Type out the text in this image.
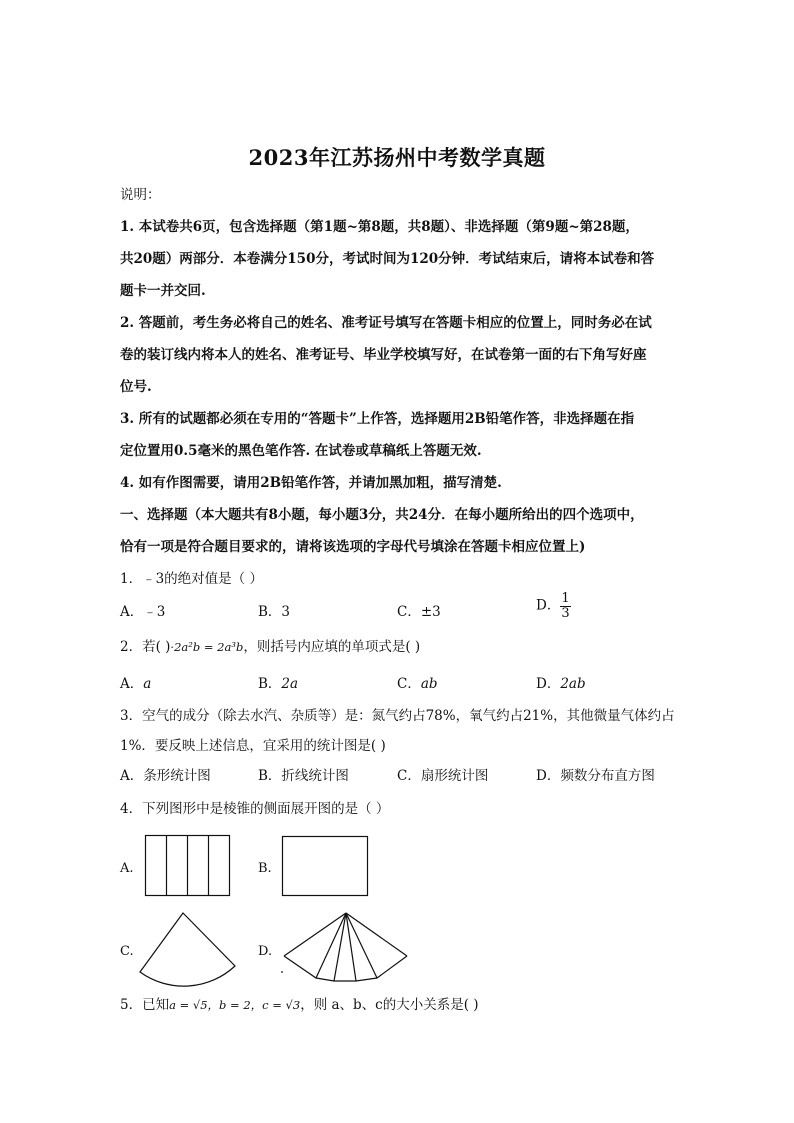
2023年江苏扬州中考数学真题
说明：
1. 本试卷共6页，包含选择题（第1题~第8题，共8题）、非选择题（第9题~第28题，
共20题）两部分．本卷满分150分，考试时间为120分钟．考试结束后，请将本试卷和答
题卡一并交回.
2. 答题前，考生务必将自己的姓名、准考证号填写在答题卡相应的位置上，同时务必在试
卷的装订线内将本人的姓名、准考证号、毕业学校填写好，在试卷第一面的右下角写好座
位号.
3. 所有的试题都必须在专用的“答题卡”上作答，选择题用2B铅笔作答，非选择题在指
定位置用0.5毫米的黑色笔作答. 在试卷或草稿纸上答题无效.
4. 如有作图需要，请用2B铅笔作答，并请加黑加粗，描写清楚.
一、选择题（本大题共有8小题，每小题3分，共24分．在每小题所给出的四个选项中，
恰有一项是符合题目要求的，请将该选项的字母代号填涂在答题卡相应位置上)
1．﹣3的绝对值是（ ）
A．﹣3	B．3	C．±3	D． $\frac{1}{3}$
2．若( )·2a²b = 2a³b，则括号内应填的单项式是( )
A．a	B．2a	C．ab	D．2ab
3．空气的成分（除去水汽、杂质等）是：氮气约占78%，氧气约占21%，其他微量气体约占
1%．要反映上述信息，宜采用的统计图是( )
A．条形统计图	B．折线统计图	C．扇形统计图	D．频数分布直方图
4．下列图形中是棱锥的侧面展开图的是（ ）
A.	B.
C.	D.
5．已知a = √5，b = 2，c = √3，则 a、b、c的大小关系是( )
